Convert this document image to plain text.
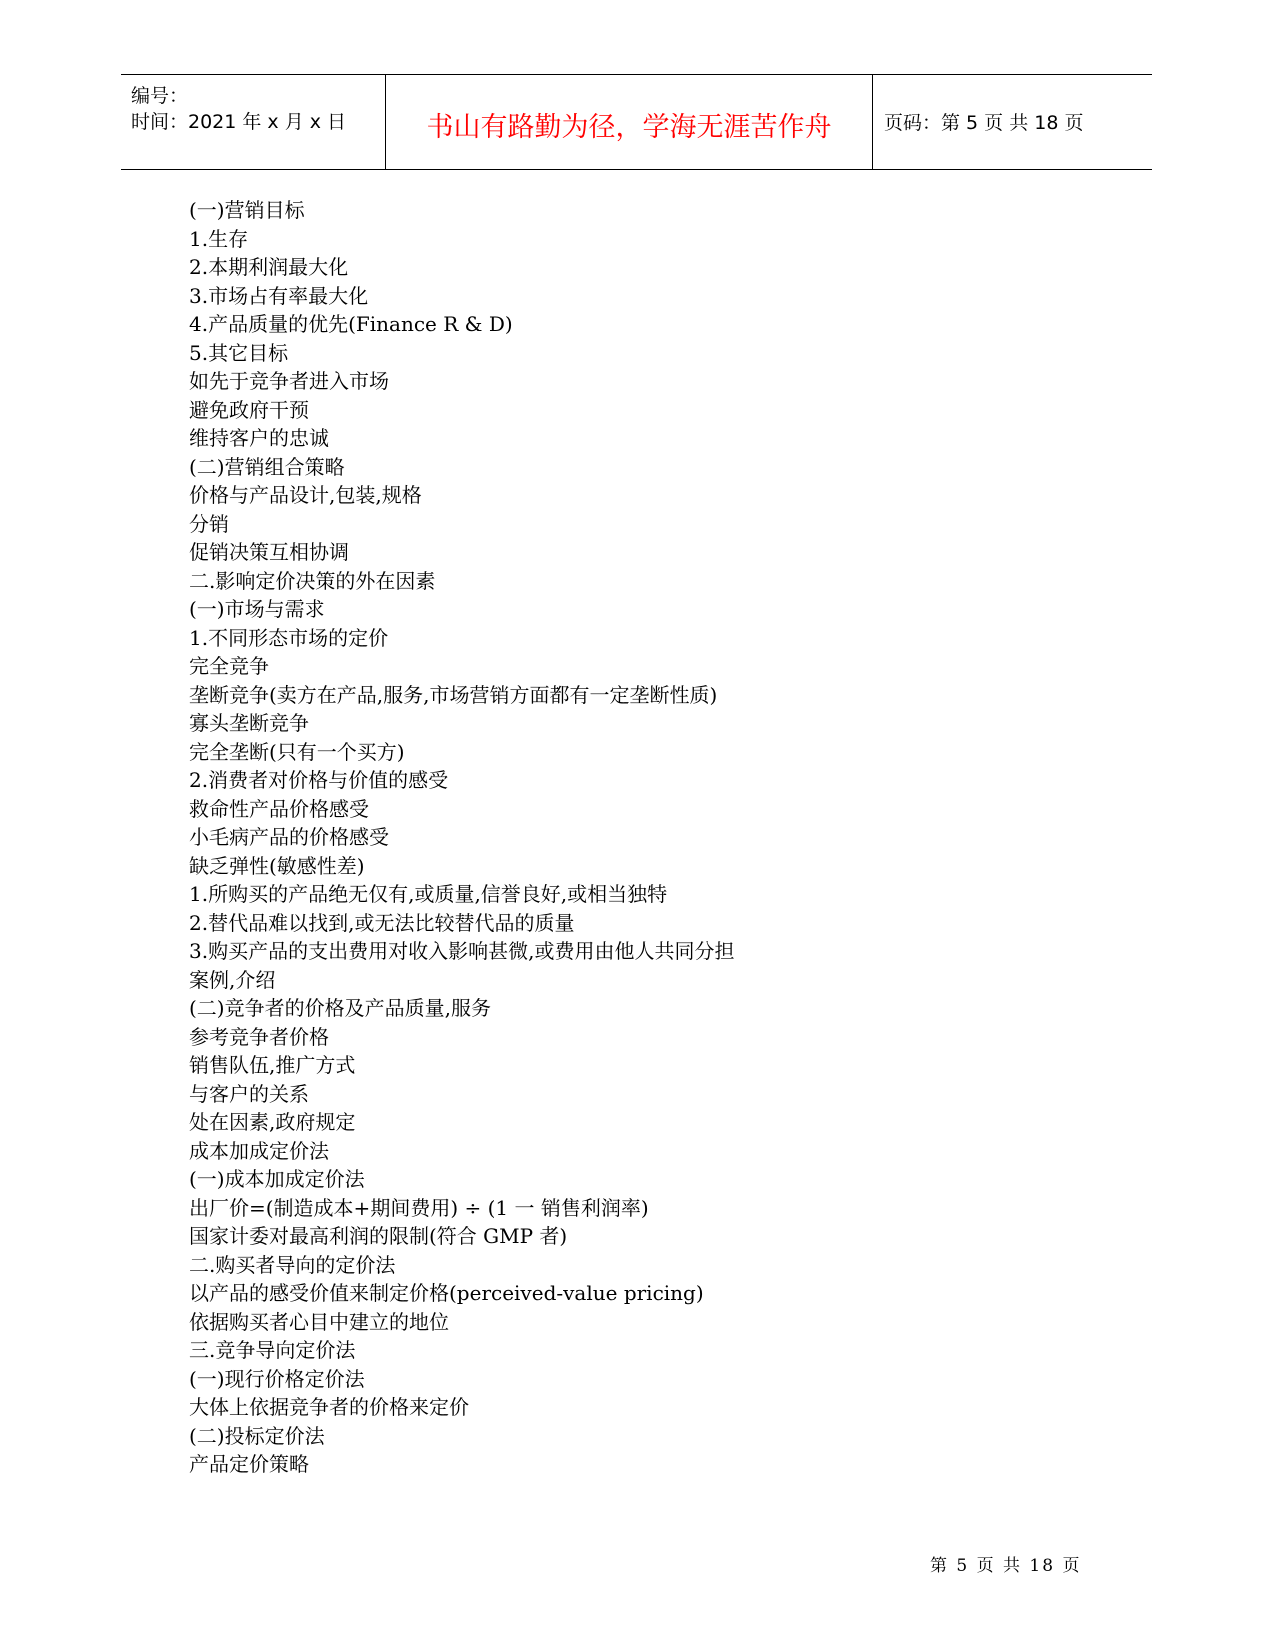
编号：
时间：2021 年 x 月 x 日	书山有路勤为径，学海无涯苦作舟	页码：第 5 页 共 18 页
(一)营销目标
1.生存
2.本期利润最大化
3.市场占有率最大化
4.产品质量的优先(Finance R & D)
5.其它目标
如先于竞争者进入市场
避免政府干预
维持客户的忠诚
(二)营销组合策略
价格与产品设计,包装,规格
分销
促销决策互相协调
二.影响定价决策的外在因素
(一)市场与需求
1.不同形态市场的定价
完全竞争
垄断竞争(卖方在产品,服务,市场营销方面都有一定垄断性质)
寡头垄断竞争
完全垄断(只有一个买方)
2.消费者对价格与价值的感受
救命性产品价格感受
小毛病产品的价格感受
缺乏弹性(敏感性差)
1.所购买的产品绝无仅有,或质量,信誉良好,或相当独特
2.替代品难以找到,或无法比较替代品的质量
3.购买产品的支出费用对收入影响甚微,或费用由他人共同分担
案例,介绍
(二)竞争者的价格及产品质量,服务
参考竞争者价格
销售队伍,推广方式
与客户的关系
处在因素,政府规定
成本加成定价法
(一)成本加成定价法
出厂价=(制造成本+期间费用) ÷ (1 一 销售利润率)
国家计委对最高利润的限制(符合 GMP 者)
二.购买者导向的定价法
以产品的感受价值来制定价格(perceived-value pricing)
依据购买者心目中建立的地位
三.竞争导向定价法
(一)现行价格定价法
大体上依据竞争者的价格来定价
(二)投标定价法
产品定价策略
第 5 页 共 18 页
